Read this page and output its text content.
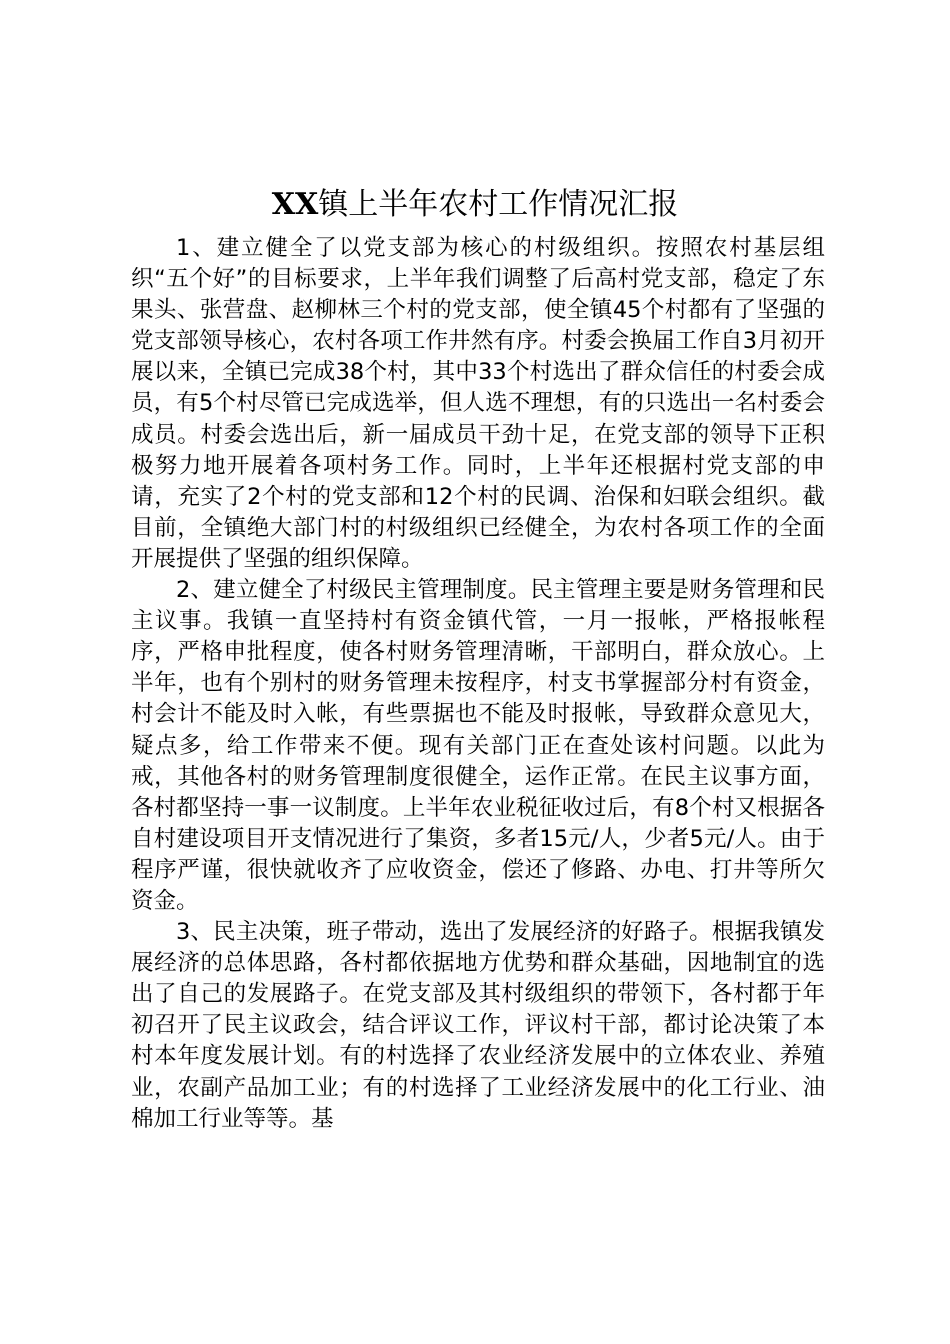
XX镇上半年农村工作情况汇报

1、建立健全了以党支部为核心的村级组织。按照农村基层组织“五个好”的目标要求，上半年我们调整了后高村党支部，稳定了东果头、张营盘、赵柳林三个村的党支部，使全镇45个村都有了坚强的党支部领导核心，农村各项工作井然有序。村委会换届工作自3月初开展以来，全镇已完成38个村，其中33个村选出了群众信任的村委会成员，有5个村尽管已完成选举，但人选不理想，有的只选出一名村委会成员。村委会选出后，新一届成员干劲十足，在党支部的领导下正积极努力地开展着各项村务工作。同时，上半年还根据村党支部的申请，充实了2个村的党支部和12个村的民调、治保和妇联会组织。截目前，全镇绝大部门村的村级组织已经健全，为农村各项工作的全面开展提供了坚强的组织保障。

2、建立健全了村级民主管理制度。民主管理主要是财务管理和民主议事。我镇一直坚持村有资金镇代管，一月一报帐，严格报帐程序，严格申批程度，使各村财务管理清晰，干部明白，群众放心。上半年，也有个别村的财务管理未按程序，村支书掌握部分村有资金，村会计不能及时入帐，有些票据也不能及时报帐，导致群众意见大，疑点多，给工作带来不便。现有关部门正在查处该村问题。以此为戒，其他各村的财务管理制度很健全，运作正常。在民主议事方面，各村都坚持一事一议制度。上半年农业税征收过后，有8个村又根据各自村建设项目开支情况进行了集资，多者15元/人，少者5元/人。由于程序严谨，很快就收齐了应收资金，偿还了修路、办电、打井等所欠资金。

3、民主决策，班子带动，选出了发展经济的好路子。根据我镇发展经济的总体思路，各村都依据地方优势和群众基础，因地制宜的选出了自己的发展路子。在党支部及其村级组织的带领下，各村都于年初召开了民主议政会，结合评议工作，评议村干部，都讨论决策了本村本年度发展计划。有的村选择了农业经济发展中的立体农业、养殖业，农副产品加工业；有的村选择了工业经济发展中的化工行业、油棉加工行业等等。基
